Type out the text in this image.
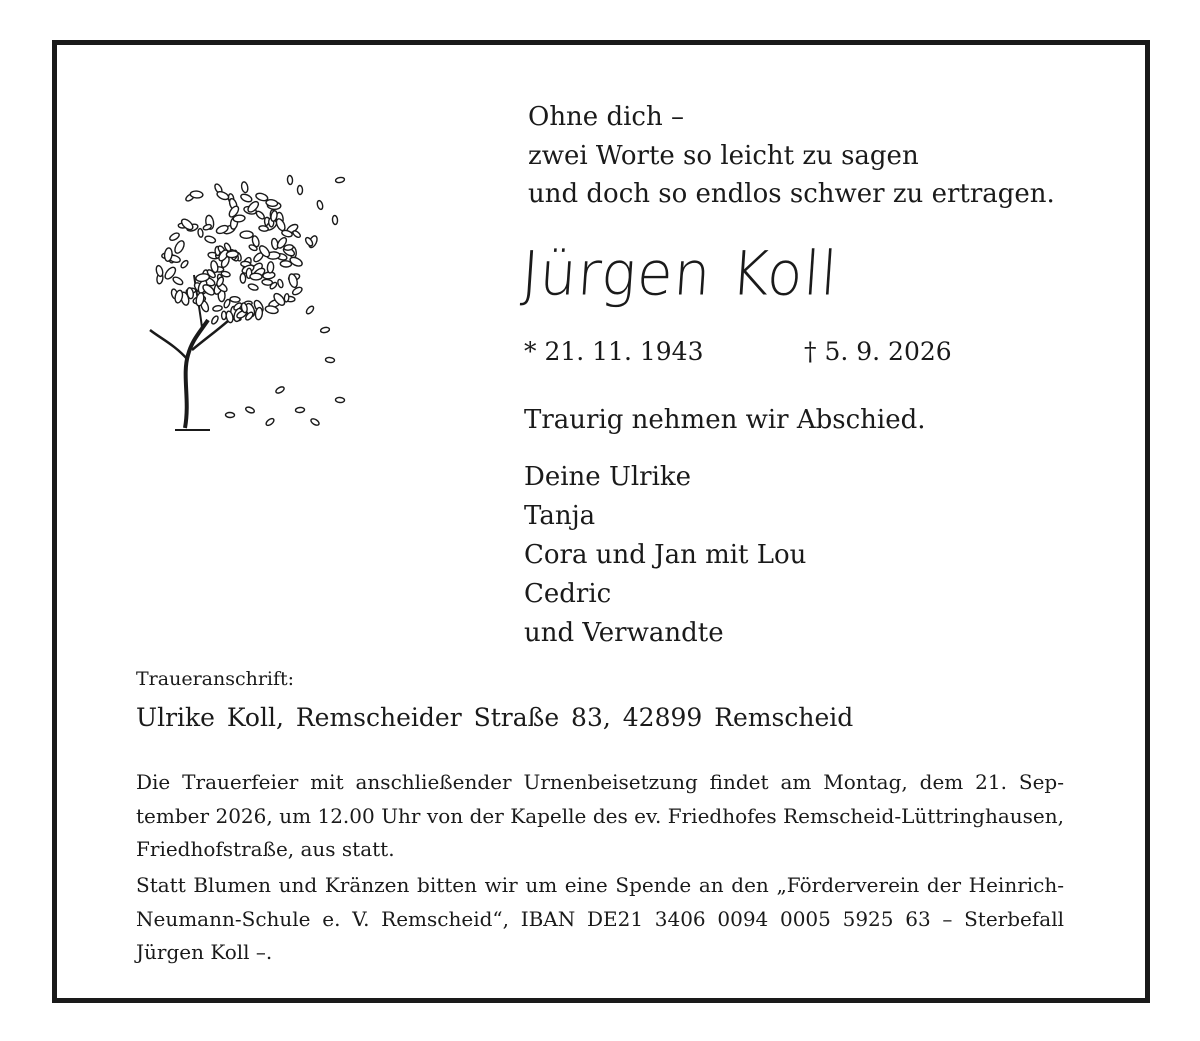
Ohne dich –
zwei Worte so leicht zu sagen
und doch so endlos schwer zu ertragen.
Jürgen Koll
* 21. 11. 1943	† 5. 9. 2026
Traurig nehmen wir Abschied.
Deine Ulrike
Tanja
Cora und Jan mit Lou
Cedric
und Verwandte
Traueranschrift:
Ulrike Koll, Remscheider Straße 83, 42899 Remscheid
Die Trauerfeier mit anschließender Urnenbeisetzung findet am Montag, dem 21. September 2026, um 12.00 Uhr von der Kapelle des ev. Friedhofes Remscheid-Lüttringhausen, Friedhofstraße, aus statt.
Statt Blumen und Kränzen bitten wir um eine Spende an den „Förderverein der Heinrich-Neumann-Schule e. V. Remscheid“, IBAN DE21 3406 0094 0005 5925 63 – Sterbefall Jürgen Koll –.
